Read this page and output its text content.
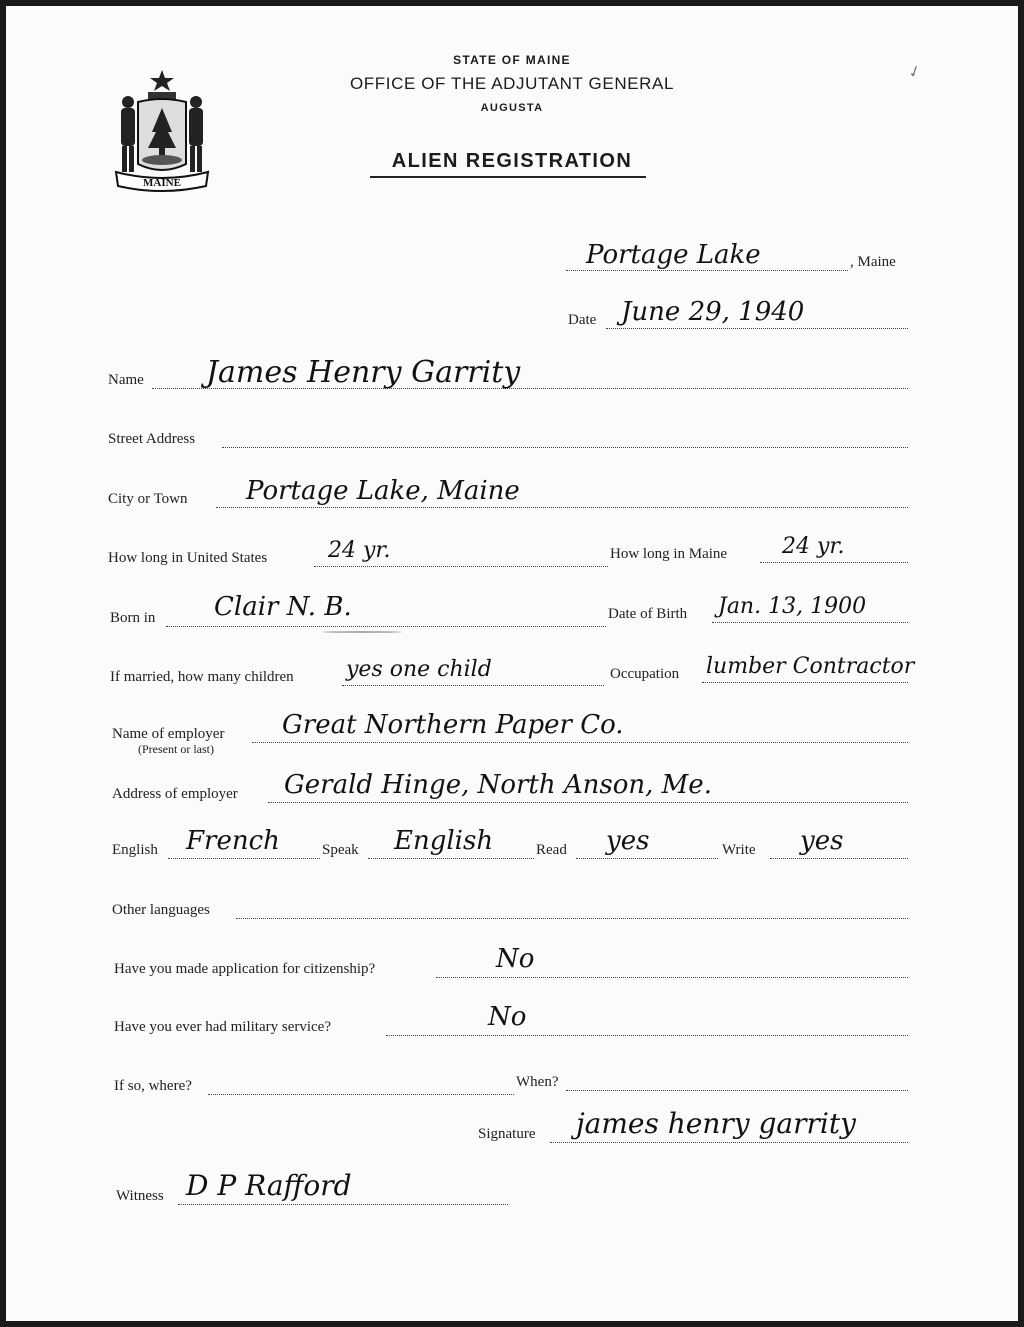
✓
MAINE
STATE OF MAINE
OFFICE OF THE ADJUTANT GENERAL
AUGUSTA
ALIEN REGISTRATION
Portage Lake	, Maine
Date June 29, 1940
Name James Henry Garrity
Street Address
City or Town Portage Lake, Maine
How long in United States	24 yr.	How long in Maine 24 yr.
Born in Clair N. B.	Date of Birth Jan. 13, 1900
If married, how many children yes one child	Occupation lumber Contractor
Name of employer
(Present or last)
Great Northern Paper Co.
Address of employer Gerald Hinge, North Anson, Me.
English French	Speak English	Read yes	Write yes
Other languages
Have you made application for citizenship?	No
Have you ever had military service?	No
If so, where?	When?
Signature james henry garrity
Witness D P Rafford
